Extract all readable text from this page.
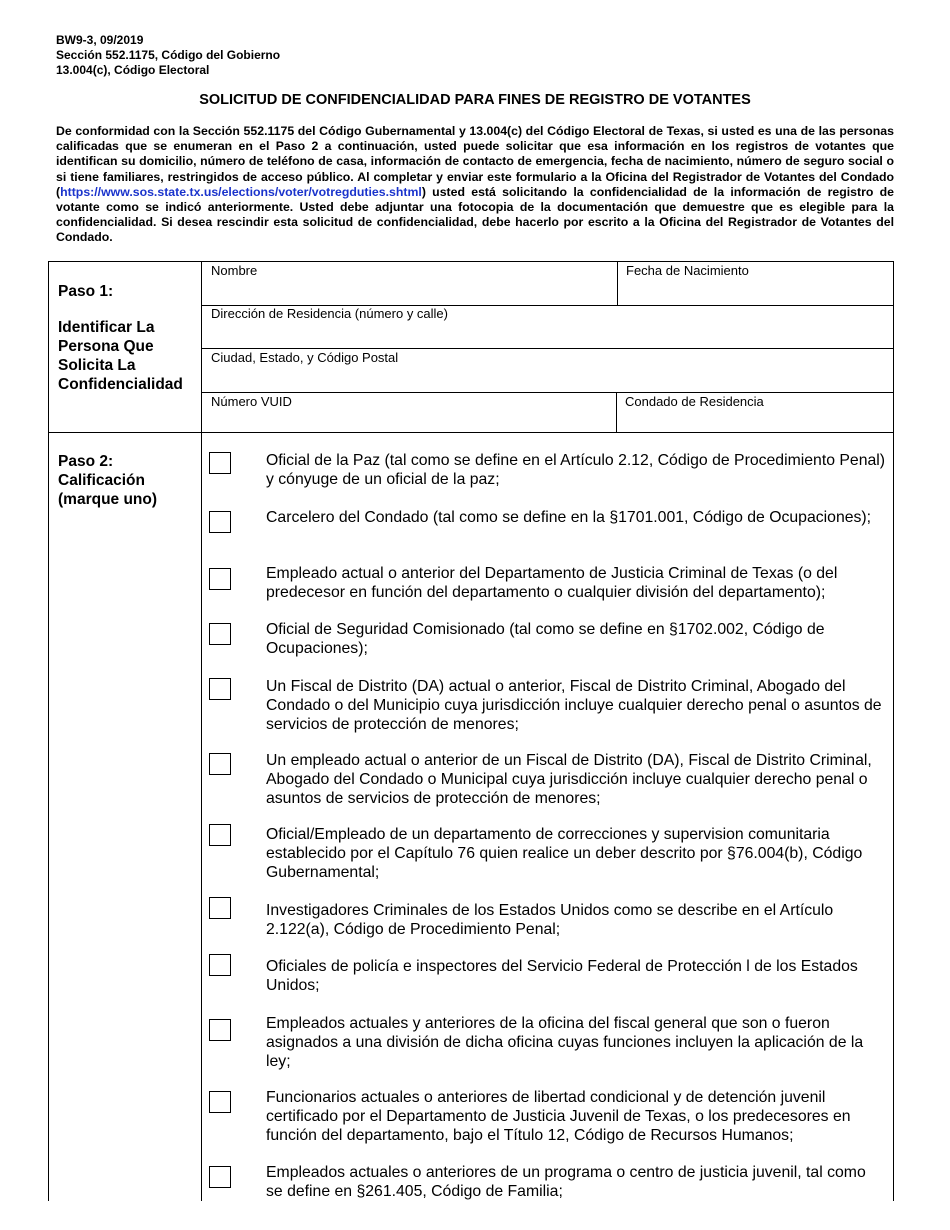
BW9-3, 09/2019
Sección 552.1175, Código del Gobierno
13.004(c), Código Electoral
SOLICITUD DE CONFIDENCIALIDAD PARA FINES DE REGISTRO DE VOTANTES
De conformidad con la Sección 552.1175 del Código Gubernamental y 13.004(c) del Código Electoral de Texas, si usted es una de las personas calificadas que se enumeran en el Paso 2 a continuación, usted puede solicitar que esa información en los registros de votantes que identifican su domicilio, número de teléfono de casa, información de contacto de emergencia, fecha de nacimiento, número de seguro social o si tiene familiares, restringidos de acceso público. Al completar y enviar este formulario a la Oficina del Registrador de Votantes del Condado (https://www.sos.state.tx.us/elections/voter/votregduties.shtml) usted está solicitando la confidencialidad de la información de registro de votante como se indicó anteriormente. Usted debe adjuntar una fotocopia de la documentación que demuestre que es elegible para la confidencialidad. Si desea rescindir esta solicitud de confidencialidad, debe hacerlo por escrito a la Oficina del Registrador de Votantes del Condado.
Paso 1:
Identificar La Persona Que Solicita La Confidencialidad
Nombre	Fecha de Nacimiento
Dirección de Residencia (número y calle)
Ciudad, Estado, y Código Postal
Número VUID	Condado de Residencia
Paso 2:
Calificación
(marque uno)
Oficial de la Paz (tal como se define en el Artículo 2.12, Código de Procedimiento Penal) y cónyuge de un oficial de la paz;
Carcelero del Condado (tal como se define en la §1701.001, Código de Ocupaciones);
Empleado actual o anterior del Departamento de Justicia Criminal de Texas (o del predecesor en función del departamento o cualquier división del departamento);
Oficial de Seguridad Comisionado (tal como se define en §1702.002, Código de Ocupaciones);
Un Fiscal de Distrito (DA) actual o anterior, Fiscal de Distrito Criminal, Abogado del Condado o del Municipio cuya jurisdicción incluye cualquier derecho penal o asuntos de servicios de protección de menores;
Un empleado actual o anterior de un Fiscal de Distrito (DA), Fiscal de Distrito Criminal, Abogado del Condado o Municipal cuya jurisdicción incluye cualquier derecho penal o asuntos de servicios de protección de menores;
Oficial/Empleado de un departamento de correcciones y supervision comunitaria establecido por el Capítulo 76 quien realice un deber descrito por §76.004(b), Código Gubernamental;
Investigadores Criminales de los Estados Unidos como se describe en el Artículo 2.122(a), Código de Procedimiento Penal;
Oficiales de policía e inspectores del Servicio Federal de Protección l de los Estados Unidos;
Empleados actuales y anteriores de la oficina del fiscal general que son o fueron asignados a una división de dicha oficina cuyas funciones incluyen la aplicación de la ley;
Funcionarios actuales o anteriores de libertad condicional y de detención juvenil certificado por el Departamento de Justicia Juvenil de Texas, o los predecesores en función del departamento, bajo el Título 12, Código de Recursos Humanos;
Empleados actuales o anteriores de un programa o centro de justicia juvenil, tal como se define en §261.405, Código de Familia;
